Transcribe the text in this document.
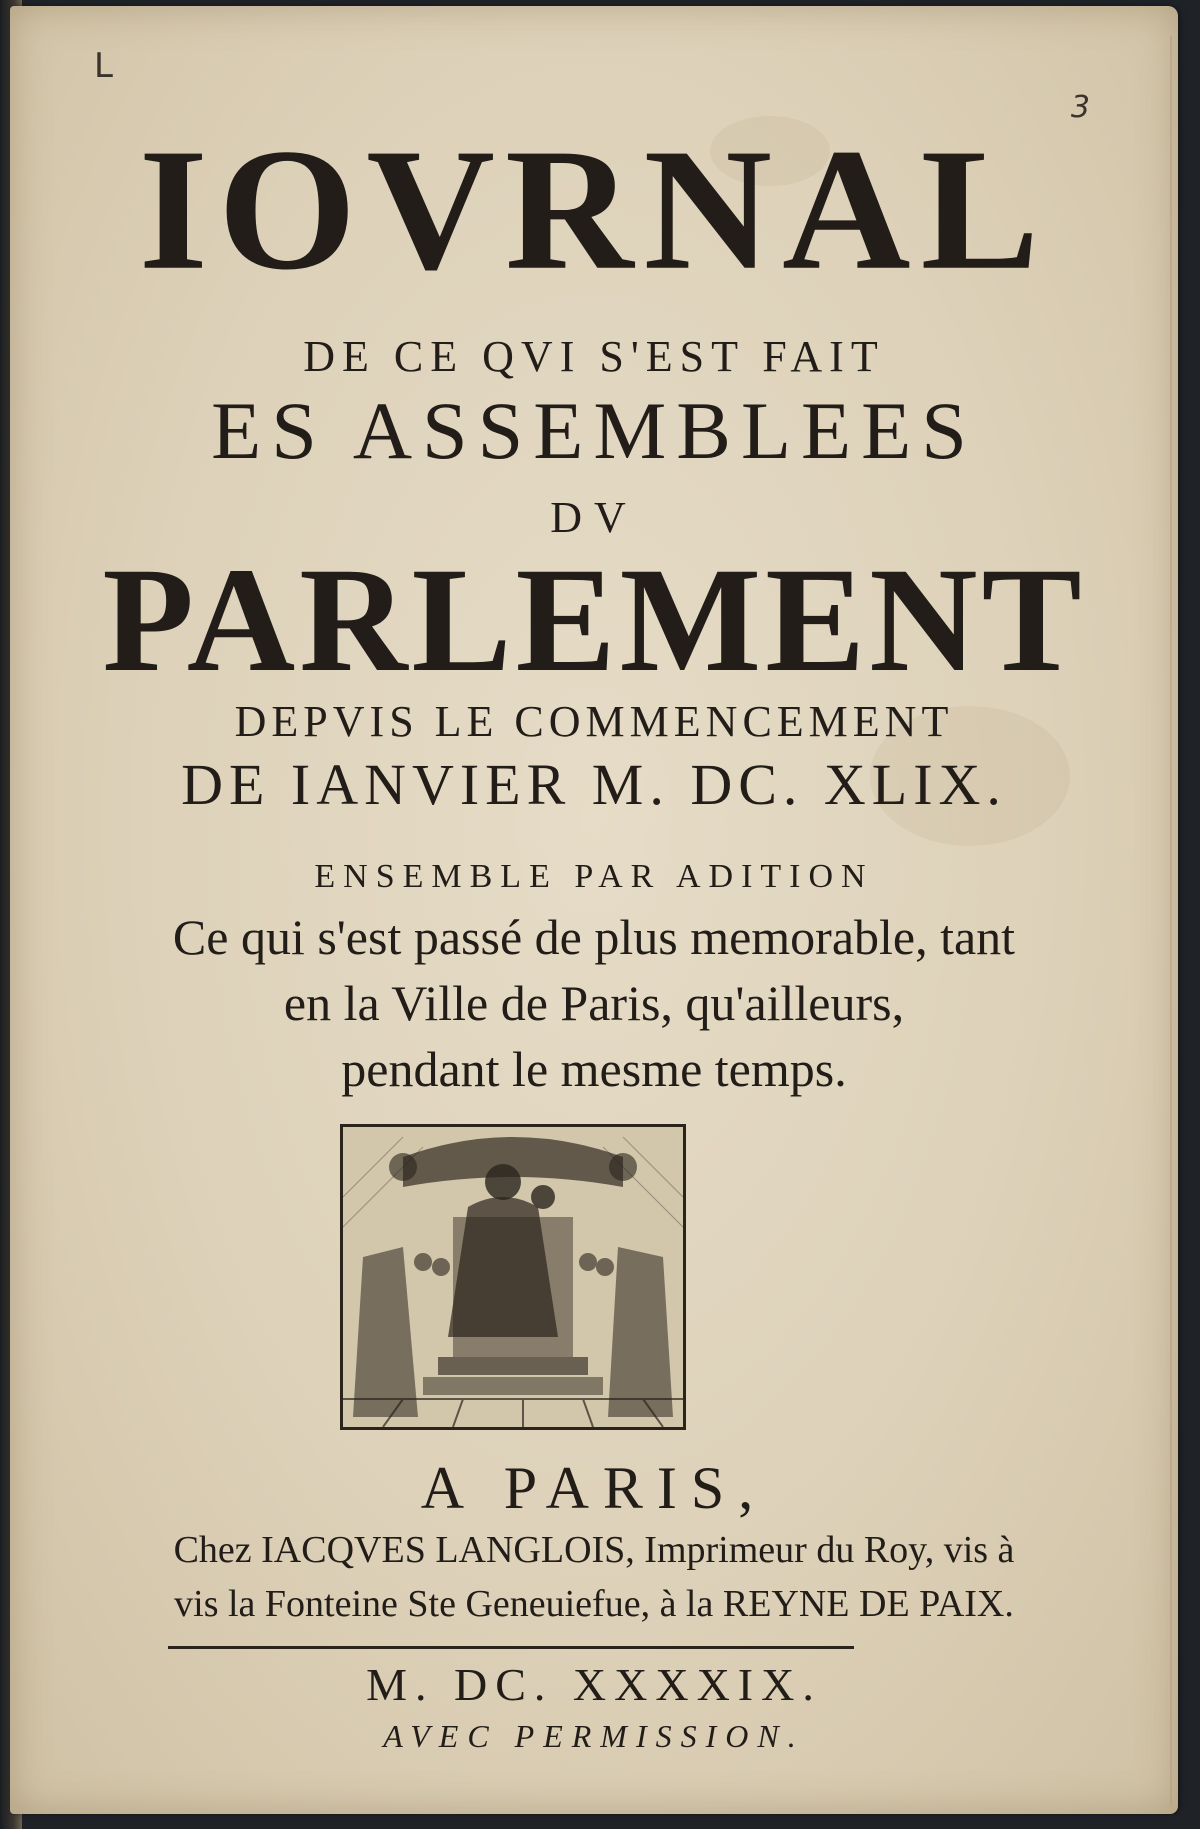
L
3
IOVRNAL
DE CE QVI S'EST FAIT
ES ASSEMBLEES
DV
PARLEMENT
DEPVIS LE COMMENCEMENT
DE IANVIER M. DC. XLIX.
ENSEMBLE PAR ADITION
Ce qui s'est passé de plus memorable, tant
en la Ville de Paris, qu'ailleurs,
pendant le mesme temps.
A PARIS,
Chez IACQVES LANGLOIS, Imprimeur du Roy, vis à
vis la Fonteine Ste Geneuiefue, à la REYNE DE PAIX.
M. DC. XXXXIX.
AVEC PERMISSION.
